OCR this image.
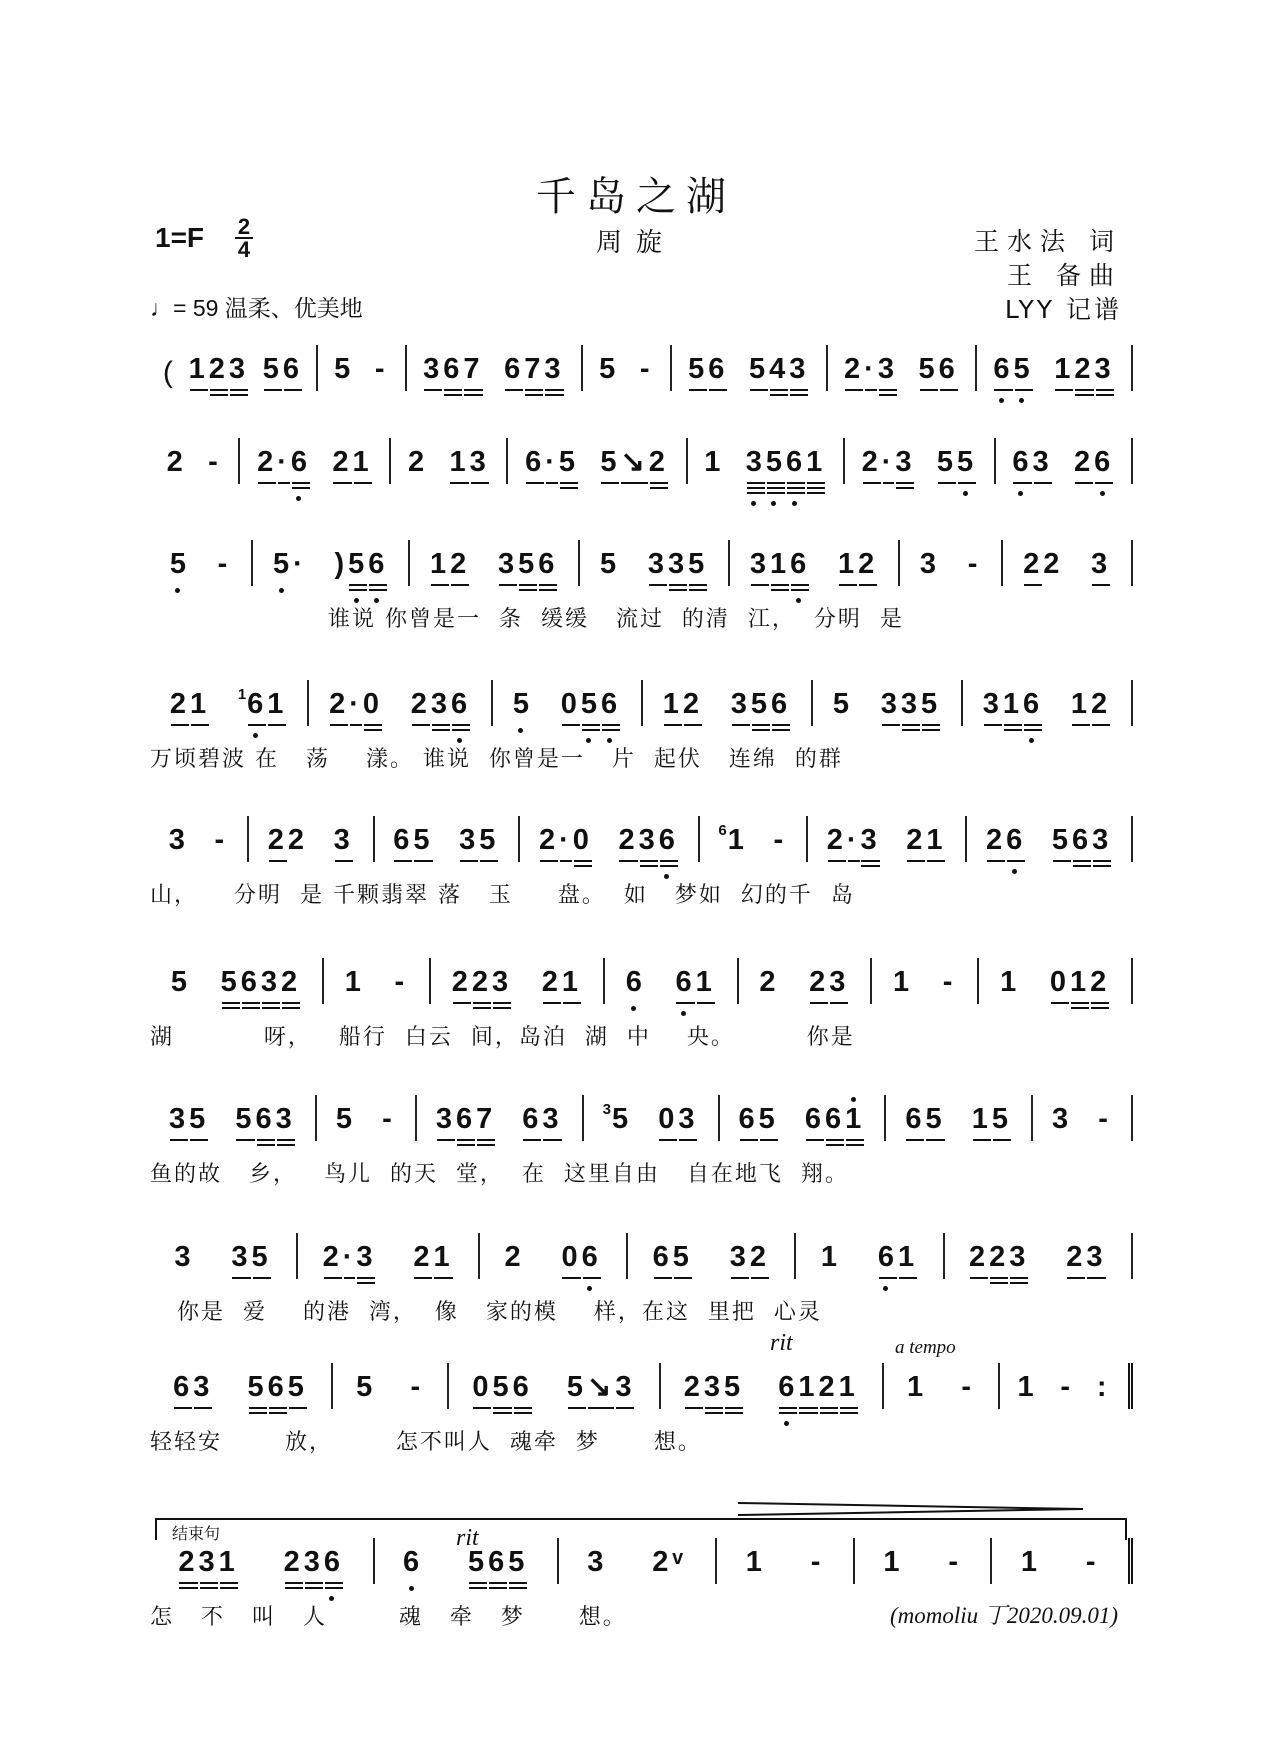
千岛之湖
周旋
1=F 2
4
♩= 59 温柔、优美地
王水法 词
王 备曲
LYY 记谱
( 123 56 5 - 367 673 5 - 56 543 2·3 56 65 123
2 - 2·6 21 2 13 6·5 5↘2 1 3561 2·3 55 63 26
5 - 5· )56 12 356 5 335 316 12 3 - 22 3
谁说 你曾是一  条  缓缓   流过  的清  江，  分明  是
21 1 61 2·0 236 5 056 12 356 5 335 316 12
万顷碧波 在   荡    漾。 谁说  你曾是一   片  起伏   连绵  的群
3 - 22 3 65 35 2·0 236	6 1 - 2·3 21 26 563
山，    分明  是 千颗翡翠 落   玉     盘。  如   梦如  幻的千  岛
5 5632 1 - 223 21 6 61 2 23 1 - 1 012
湖          呀，   船行  白云  间，岛泊  湖  中    央。        你是
35 563 5 - 367 63	3 5 03 65 661 65 15 3 -
鱼的故   乡，   鸟儿  的天  堂，  在  这里自由   自在地飞  翔。
3 35 2·3 21 2 06 65 32 1 61 223 23
你是  爱    的港  湾，  像   家的模    样，在这  里把  心灵
63 565 5 - 056 5↘3 235 6121 1 - 1 - :
轻轻安       放，       怎不叫人  魂牵  梦      想。
231 236 6 565 3 2ᵛ 1 - 1 - 1 -
怎   不   叫   人        魂   牵   梦      想。
rit	a tempo
结束句	rit
(momoliu 丁2020.09.01)
